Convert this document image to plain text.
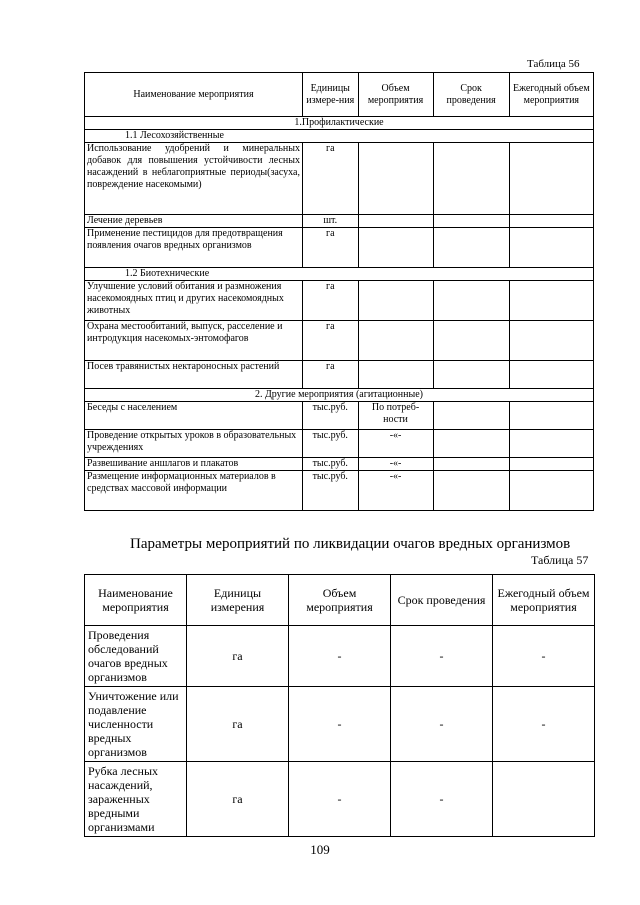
Таблица 56
Наименование мероприятия	Единицы измере-ния	Объем мероприятия	Срок проведения	Ежегодный объем мероприятия
1.Профилактические				
1.1 Лесохозяйственные				
Использование удобрений и минеральных добавок для повышения устойчивости лесных насаждений в неблагоприятные периоды(засуха, повреждение насекомыми)	га			
Лечение деревьев	шт.			
Применение пестицидов для предотвращения появления очагов вредных организмов	га			
1.2 Биотехнические				
Улучшение условий обитания и размножения насекомоядных птиц и других насекомоядных животных	га			
Охрана местообитаний, выпуск, расселение и интродукция насекомых-энтомофагов	га			
Посев травянистых нектароносных растений	га			
2. Другие мероприятия (агитационные)				
Беседы с населением	тыс.руб.	По потреб-ности		
Проведение открытых уроков в образовательных учреждениях	тыс.руб.	-«-		
Развешивание аншлагов и плакатов	тыс.руб.	-«-		
Размещение информационных материалов в средствах массовой информации	тыс.руб.	-«-		
Параметры мероприятий по ликвидации очагов вредных организмов
Таблица 57
Наименование мероприятия	Единицы измерения	Объем мероприятия	Срок проведения	Ежегодный объем мероприятия
Проведения обследований очагов вредных организмов	га	-	-	-
Уничтожение или подавление численности вредных организмов	га	-	-	-
Рубка лесных насаждений, зараженных вредными организмами	га	-	-	
109
